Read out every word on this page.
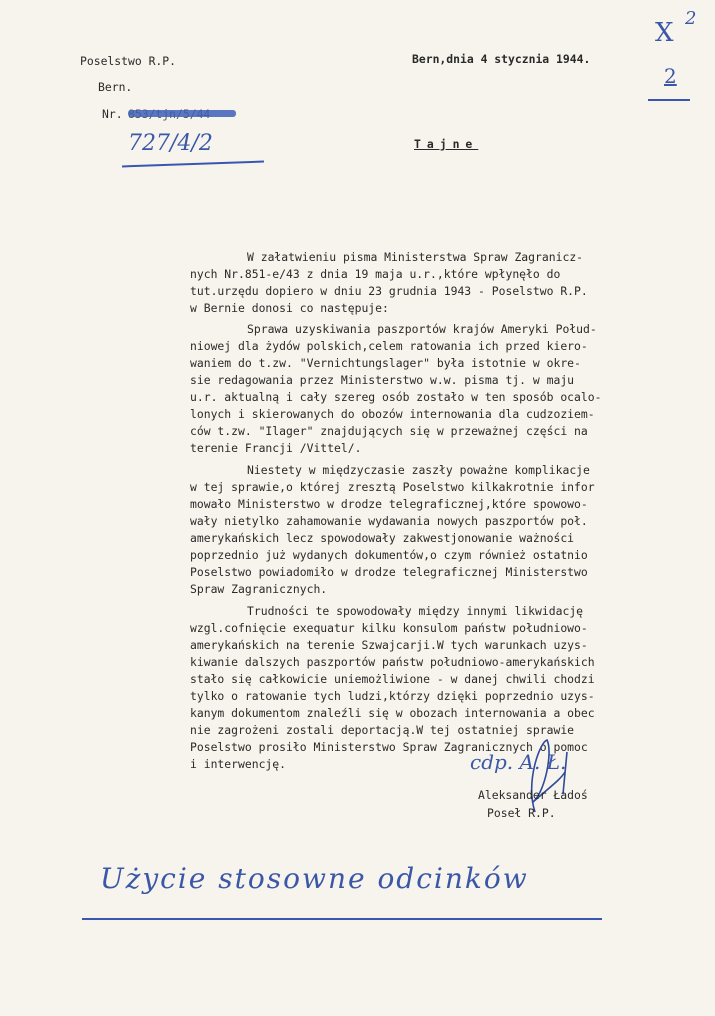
Poselstwo R.P.
Bern.
Nr.
727/4/2
Bern,dnia 4 stycznia 1944.
X 2
2
Tajne
W załatwieniu pisma Ministerstwa Spraw Zagranicz-
nych Nr.851-e/43 z dnia 19 maja u.r.,które wpłynęło do
tut.urzędu dopiero w dniu 23 grudnia 1943 - Poselstwo R.P.
w Bernie donosi co następuje:
Sprawa uzyskiwania paszportów krajów Ameryki Połud-
niowej dla żydów polskich,celem ratowania ich przed kiero-
waniem do t.zw. "Vernichtungslager" była istotnie w okre-
sie redagowania przez Ministerstwo w.w. pisma tj. w maju
u.r. aktualną i cały szereg osób zostało w ten sposób ocalo-
lonych i skierowanych do obozów internowania dla cudzoziem-
ców t.zw. "Ilager" znajdujących się w przeważnej części na
terenie Francji /Vittel/.
Niestety w międzyczasie zaszły poważne komplikacje
w tej sprawie,o której zresztą Poselstwo kilkakrotnie infor
mowało Ministerstwo w drodze telegraficznej,które spowowo-
wały nietylko zahamowanie wydawania nowych paszportów poł.
amerykańskich lecz spowodowały zakwestjonowanie ważności
poprzednio już wydanych dokumentów,o czym również ostatnio
Poselstwo powiadomiło w drodze telegraficznej Ministerstwo
Spraw Zagranicznych.
Trudności te spowodowały między innymi likwidację
wzgl.cofnięcie exequatur kilku konsulom państw południowo-
amerykańskich na terenie Szwajcarji.W tych warunkach uzys-
kiwanie dalszych paszportów państw południowo-amerykańskich
stało się całkowicie uniemożliwione - w danej chwili chodzi
tylko o ratowanie tych ludzi,którzy dzięki poprzednio uzys-
kanym dokumentom znaleźli się w obozach internowania a obec
nie zagrożeni zostali deportacją.W tej ostatniej sprawie
Poselstwo prosiło Ministerstwo Spraw Zagranicznych o pomoc
i interwencję.	cdp. A. Ł.
Aleksander Ładoś
Poseł R.P.
Użycie stosowne odcinków
